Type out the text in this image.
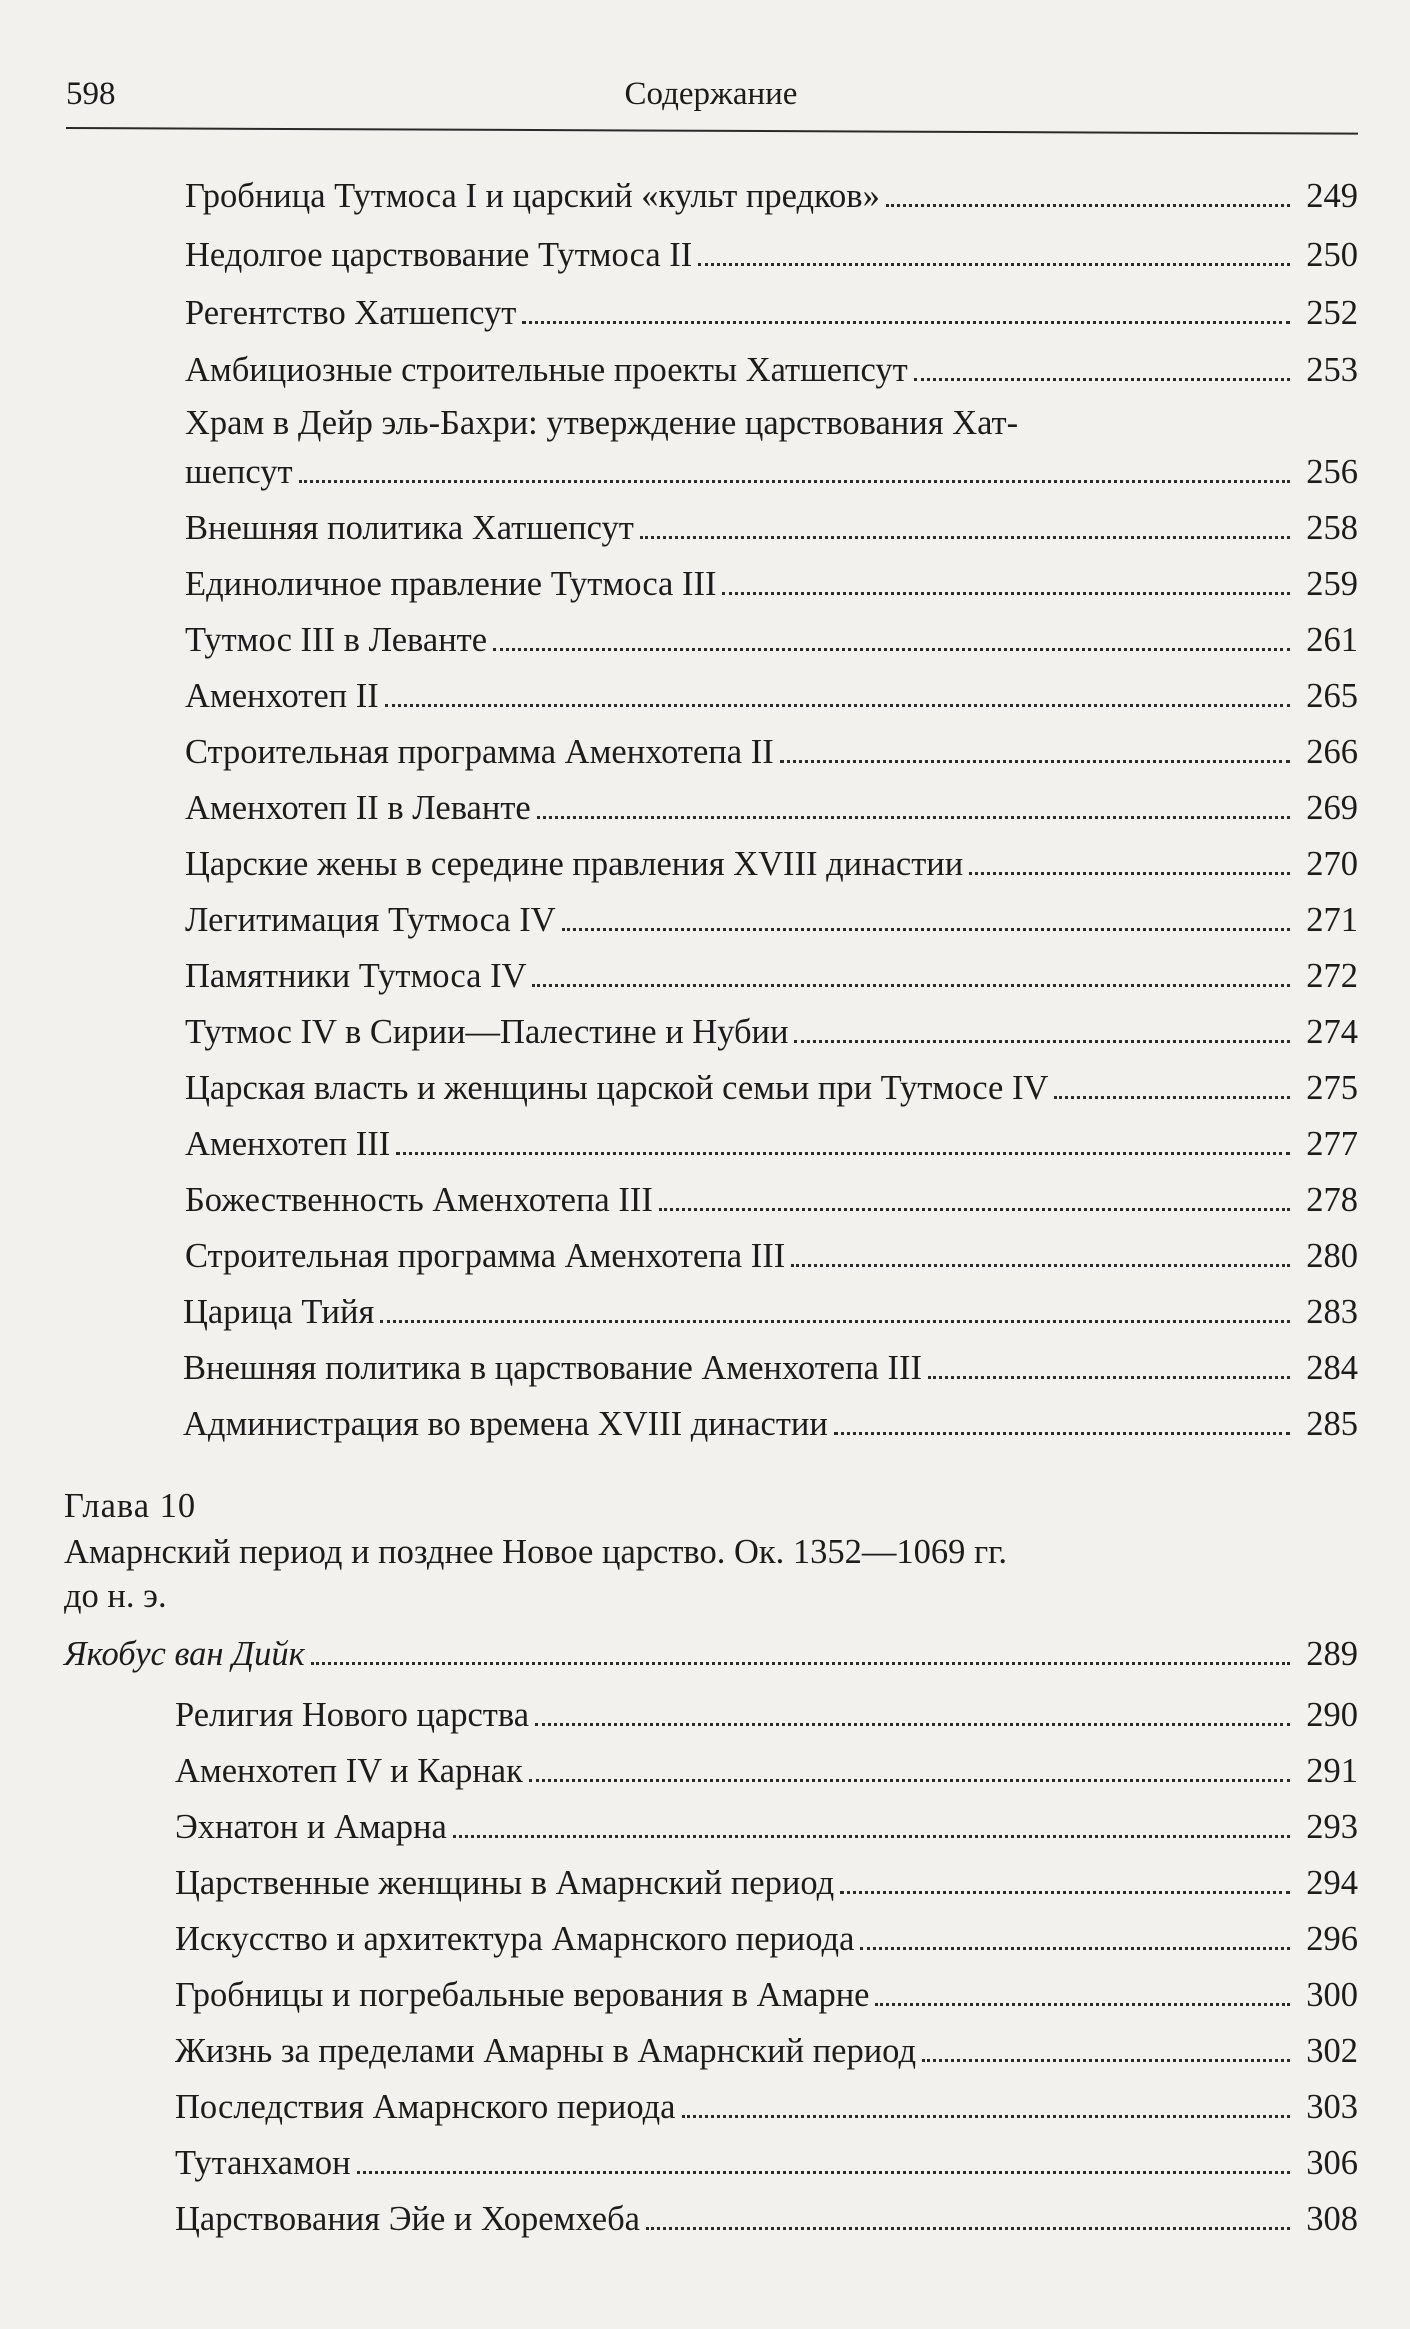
598	Содержание
Гробница Тутмоса I и царский «культ предков»	249
Недолгое царствование Тутмоса II	250
Регентство Хатшепсут	252
Амбициозные строительные проекты Хатшепсут	253
Храм в Дейр эль-Бахри: утверждение царствования Хат-
шепсут	256
Внешняя политика Хатшепсут	258
Единоличное правление Тутмоса III	259
Тутмос III в Леванте	261
Аменхотеп II	265
Строительная программа Аменхотепа II	266
Аменхотеп II в Леванте	269
Царские жены в середине правления XVIII династии	270
Легитимация Тутмоса IV	271
Памятники Тутмоса IV	272
Тутмос IV в Сирии—Палестине и Нубии	274
Царская власть и женщины царской семьи при Тутмосе IV	275
Аменхотеп III	277
Божественность Аменхотепа III	278
Строительная программа Аменхотепа III	280
Царица Тийя	283
Внешняя политика в царствование Аменхотепа III	284
Администрация во времена XVIII династии	285
Глава 10
Амарнский период и позднее Новое царство. Ок. 1352—1069 гг.
до н. э.
Якобус ван Дийк	289
Религия Нового царства	290
Аменхотеп IV и Карнак	291
Эхнатон и Амарна	293
Царственные женщины в Амарнский период	294
Искусство и архитектура Амарнского периода	296
Гробницы и погребальные верования в Амарне	300
Жизнь за пределами Амарны в Амарнский период	302
Последствия Амарнского периода	303
Тутанхамон	306
Царствования Эйе и Хоремхеба	308
